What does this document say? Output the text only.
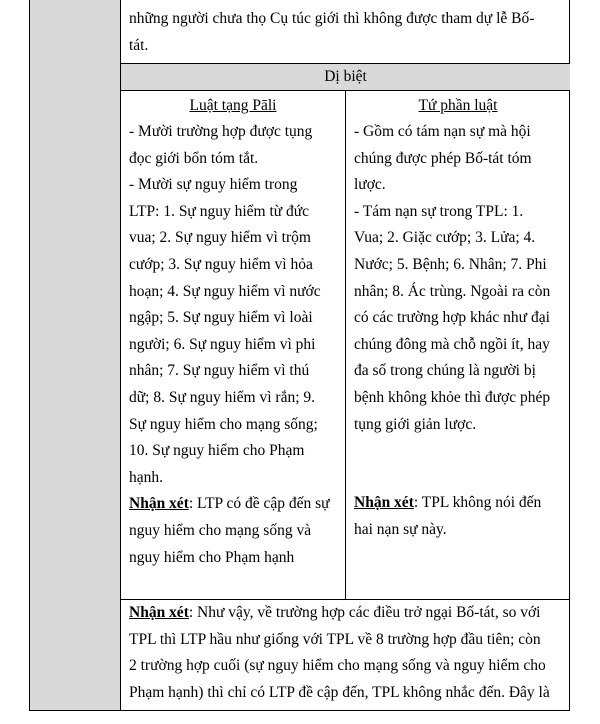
những người chưa thọ Cụ túc giới thì không được tham dự lễ Bố-
tát.
Dị biệt
Luật tạng Pāli
- Mười trường hợp được tụng
đọc giới bổn tóm tắt.
- Mười sự nguy hiểm trong
LTP: 1. Sự nguy hiểm từ đức
vua; 2. Sự nguy hiểm vì trộm
cướp; 3. Sự nguy hiểm vì hỏa
hoạn; 4. Sự nguy hiểm vì nước
ngập; 5. Sự nguy hiểm vì loài
người; 6. Sự nguy hiểm vì phi
nhân; 7. Sự nguy hiểm vì thú
dữ; 8. Sự nguy hiểm vì rắn; 9.
Sự nguy hiểm cho mạng sống;
10. Sự nguy hiểm cho Phạm
hạnh.
Nhận xét: LTP có đề cập đến sự
nguy hiểm cho mạng sống và
nguy hiểm cho Phạm hạnh
Tứ phần luật
- Gồm có tám nạn sự mà hội
chúng được phép Bố-tát tóm
lược.
- Tám nạn sự trong TPL: 1.
Vua; 2. Giặc cướp; 3. Lửa; 4.
Nước; 5. Bệnh; 6. Nhân; 7. Phi
nhân; 8. Ác trùng. Ngoài ra còn
có các trường hợp khác như đại
chúng đông mà chỗ ngồi ít, hay
đa số trong chúng là người bị
bệnh không khỏe thì được phép
tụng giới giản lược.
Nhận xét: TPL không nói đến
hai nạn sự này.
Nhận xét: Như vậy, về trường hợp các điều trở ngại Bố-tát, so với
TPL thì LTP hầu như giống với TPL về 8 trường hợp đầu tiên; còn
2 trường hợp cuối (sự nguy hiểm cho mạng sống và nguy hiểm cho
Phạm hạnh) thì chỉ có LTP đề cập đến, TPL không nhắc đến. Đây là
